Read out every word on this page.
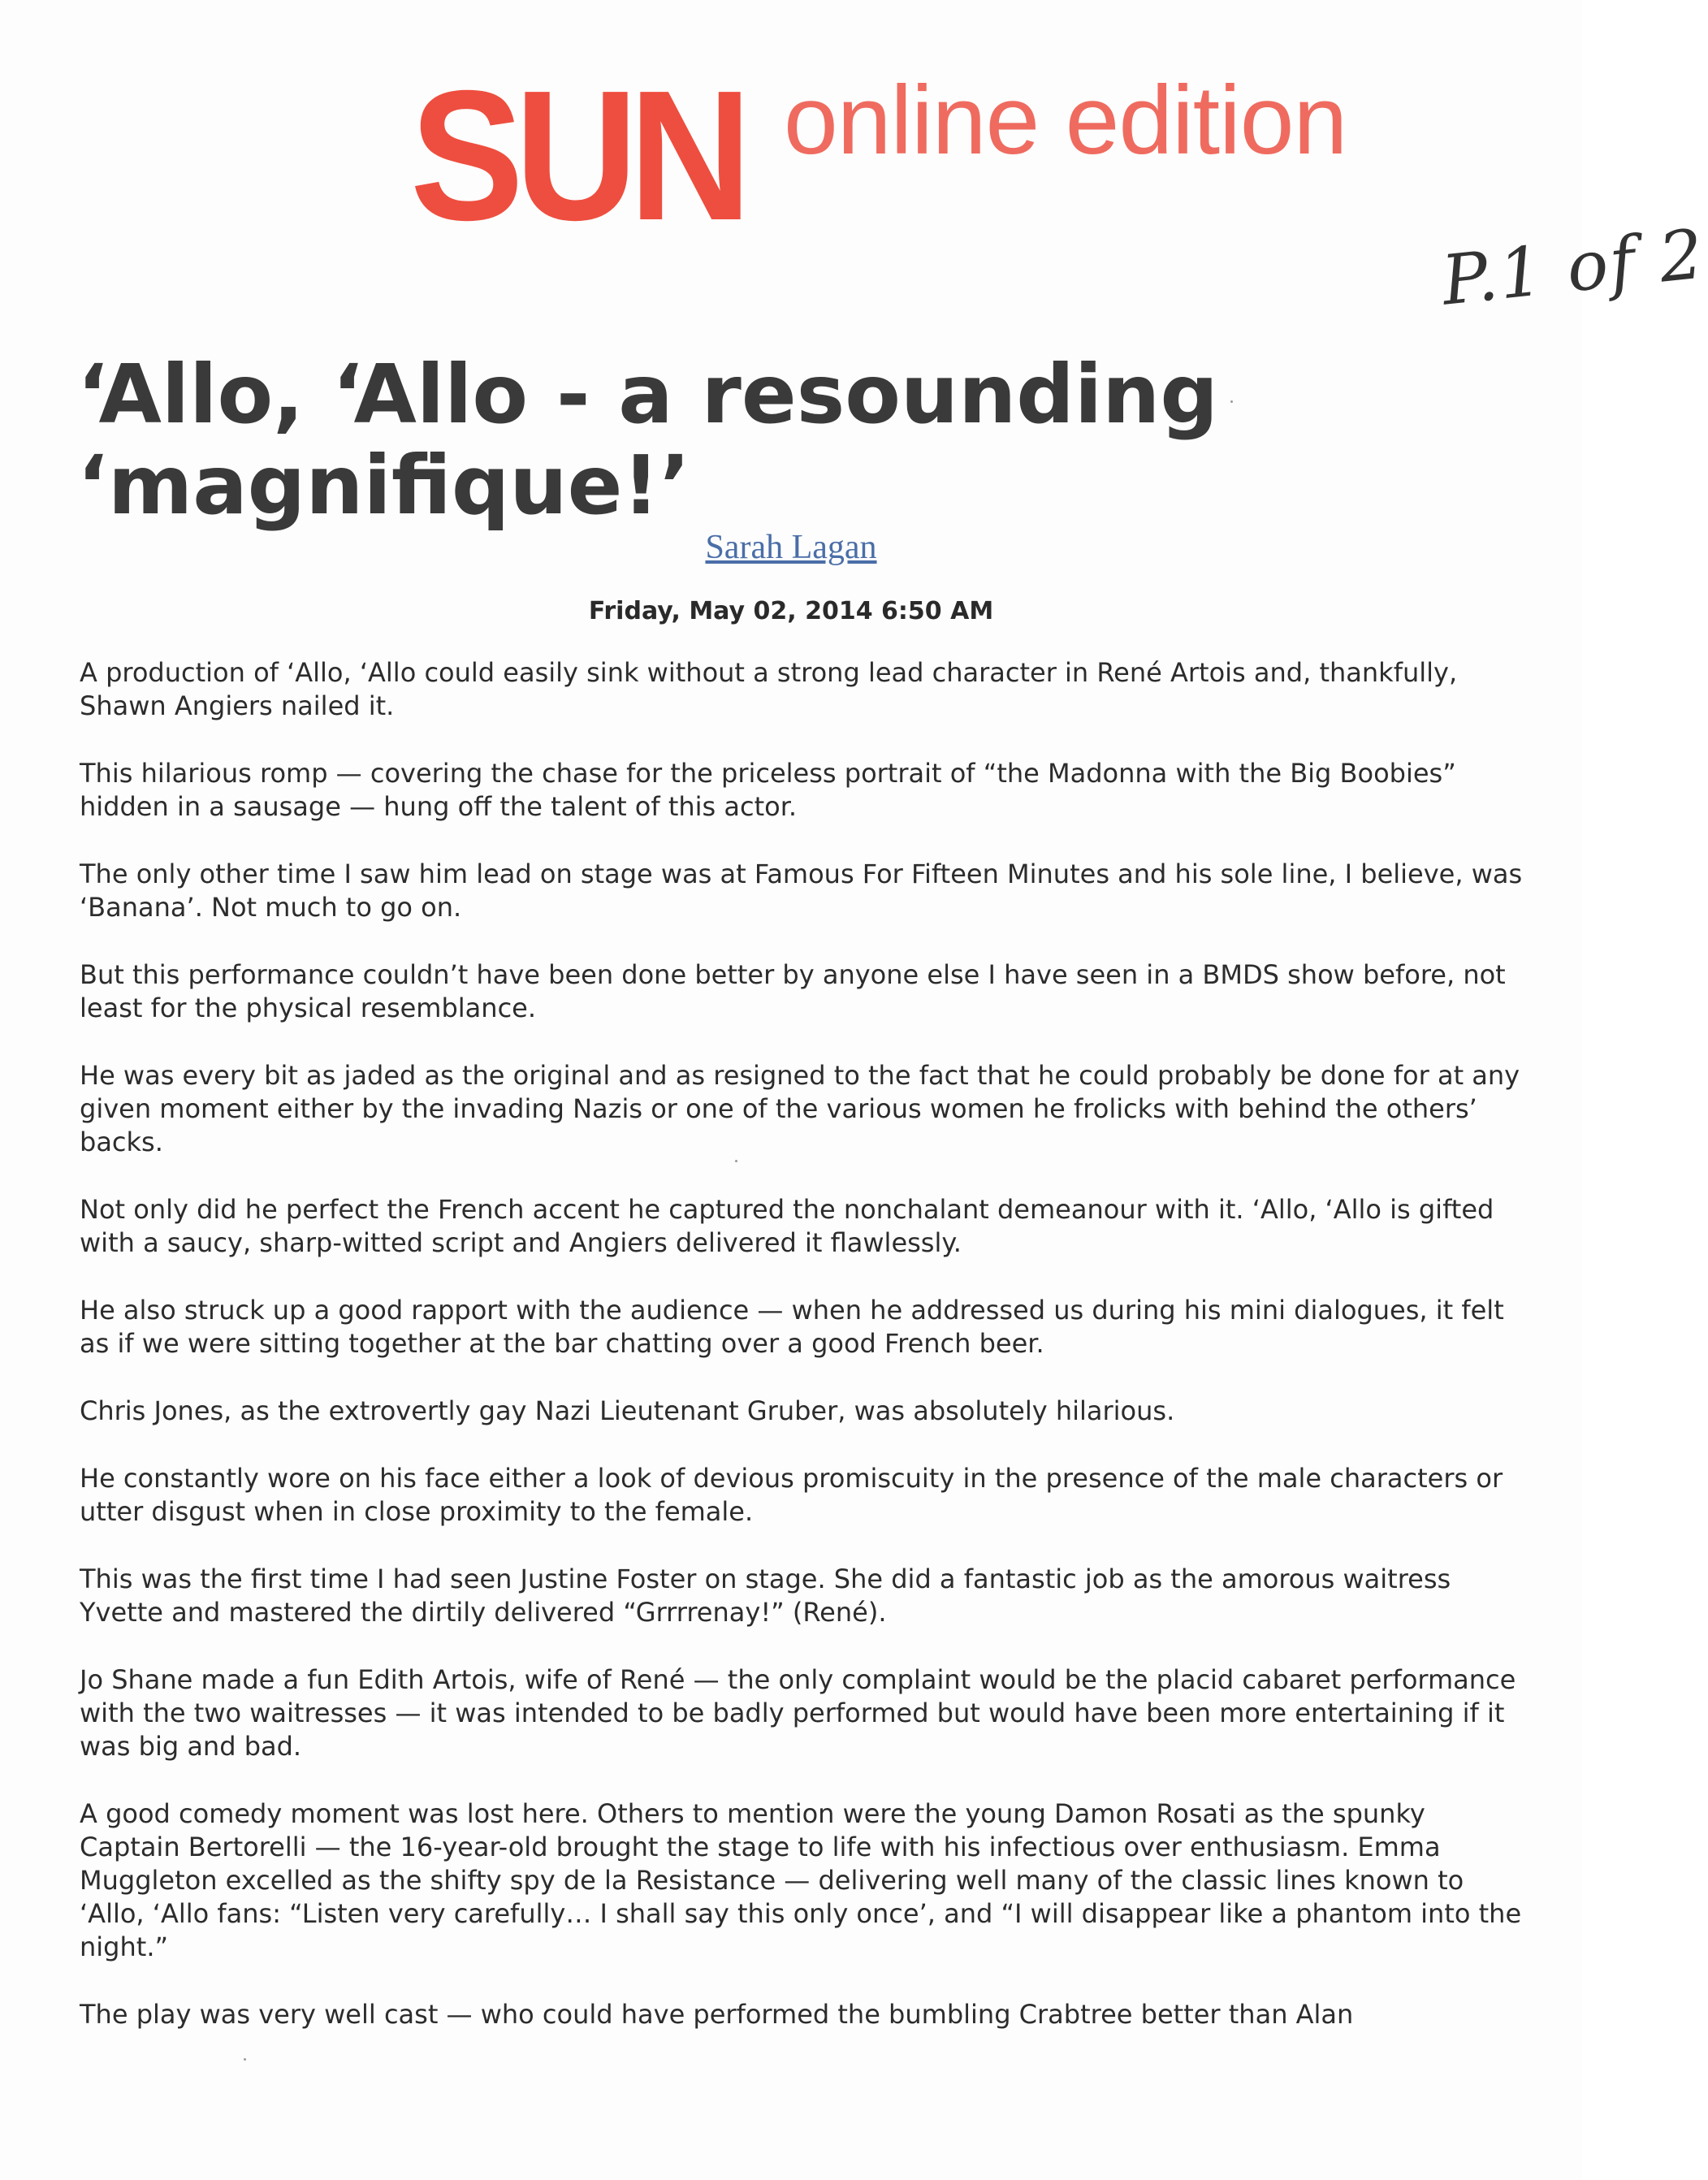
SUN online edition
P.1 of 2
‘Allo, ‘Allo - a resounding
‘magnifique!’
Sarah Lagan
Friday, May 02, 2014 6:50 AM

A production of ‘Allo, ‘Allo could easily sink without a strong lead character in René Artois and, thankfully, Shawn Angiers nailed it.

This hilarious romp — covering the chase for the priceless portrait of “the Madonna with the Big Boobies” hidden in a sausage — hung off the talent of this actor.

The only other time I saw him lead on stage was at Famous For Fifteen Minutes and his sole line, I believe, was ‘Banana’. Not much to go on.

But this performance couldn’t have been done better by anyone else I have seen in a BMDS show before, not least for the physical resemblance.

He was every bit as jaded as the original and as resigned to the fact that he could probably be done for at any given moment either by the invading Nazis or one of the various women he frolicks with behind the others’ backs.

Not only did he perfect the French accent he captured the nonchalant demeanour with it. ‘Allo, ‘Allo is gifted with a saucy, sharp-witted script and Angiers delivered it flawlessly.

He also struck up a good rapport with the audience — when he addressed us during his mini dialogues, it felt as if we were sitting together at the bar chatting over a good French beer.

Chris Jones, as the extrovertly gay Nazi Lieutenant Gruber, was absolutely hilarious.

He constantly wore on his face either a look of devious promiscuity in the presence of the male characters or utter disgust when in close proximity to the female.

This was the first time I had seen Justine Foster on stage. She did a fantastic job as the amorous waitress Yvette and mastered the dirtily delivered “Grrrrenay!” (René).

Jo Shane made a fun Edith Artois, wife of René — the only complaint would be the placid cabaret performance with the two waitresses — it was intended to be badly performed but would have been more entertaining if it was big and bad.

A good comedy moment was lost here. Others to mention were the young Damon Rosati as the spunky Captain Bertorelli — the 16-year-old brought the stage to life with his infectious over enthusiasm. Emma Muggleton excelled as the shifty spy de la Resistance — delivering well many of the classic lines known to ‘Allo, ‘Allo fans: “Listen very carefully… I shall say this only once’, and “I will disappear like a phantom into the night.”

The play was very well cast — who could have performed the bumbling Crabtree better than Alan
